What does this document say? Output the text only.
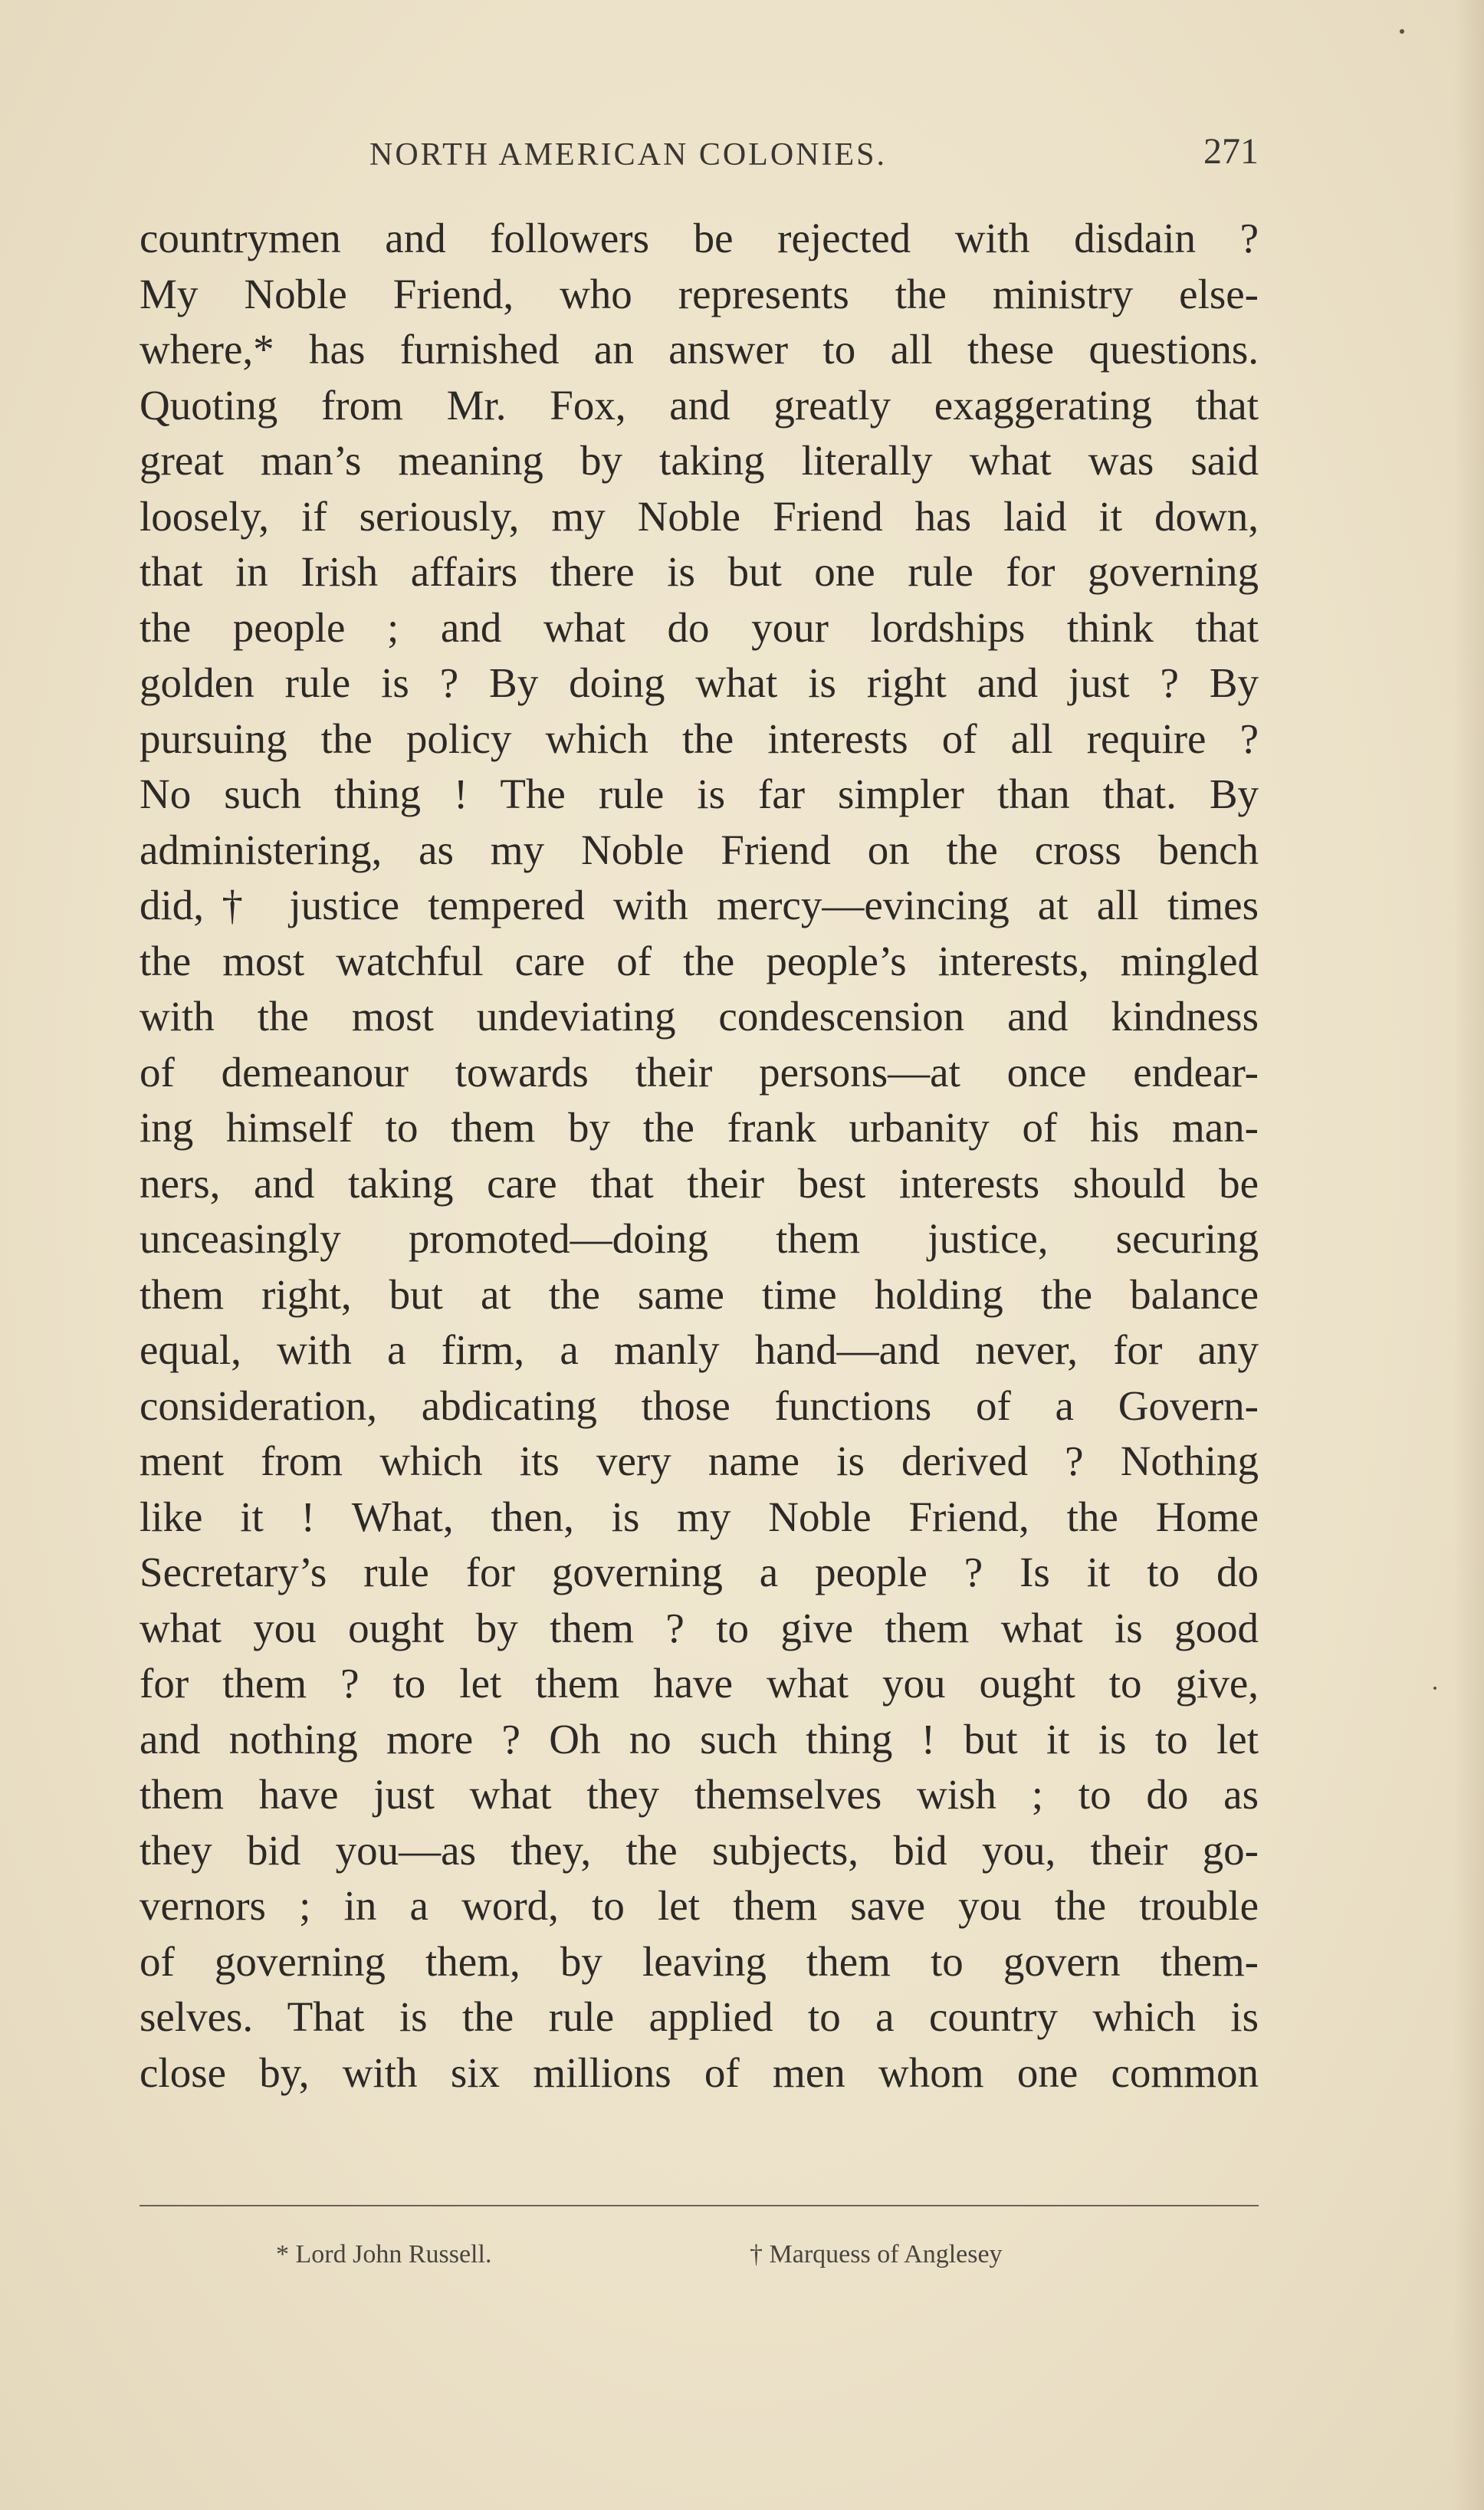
NORTH AMERICAN COLONIES.	271
countrymen and followers be rejected with disdain ?
My Noble Friend, who represents the ministry else-
where,* has furnished an answer to all these questions.
Quoting from Mr. Fox, and greatly exaggerating that
great man’s meaning by taking literally what was said
loosely, if seriously, my Noble Friend has laid it down,
that in Irish affairs there is but one rule for governing
the people ; and what do your lordships think that
golden rule is ? By doing what is right and just ? By
pursuing the policy which the interests of all require ?
No such thing ! The rule is far simpler than that. By
administering, as my Noble Friend on the cross bench
did,† justice tempered with mercy—evincing at all times
the most watchful care of the people’s interests, mingled
with the most undeviating condescension and kindness
of demeanour towards their persons—at once endear-
ing himself to them by the frank urbanity of his man-
ners, and taking care that their best interests should be
unceasingly promoted—doing them justice, securing
them right, but at the same time holding the balance
equal, with a firm, a manly hand—and never, for any
consideration, abdicating those functions of a Govern-
ment from which its very name is derived ? Nothing
like it ! What, then, is my Noble Friend, the Home
Secretary’s rule for governing a people ? Is it to do
what you ought by them ? to give them what is good
for them ? to let them have what you ought to give,
and nothing more ? Oh no such thing ! but it is to let
them have just what they themselves wish ; to do as
they bid you—as they, the subjects, bid you, their go-
vernors ; in a word, to let them save you the trouble
of governing them, by leaving them to govern them-
selves. That is the rule applied to a country which is
close by, with six millions of men whom one common
* Lord John Russell.	† Marquess of Anglesey
